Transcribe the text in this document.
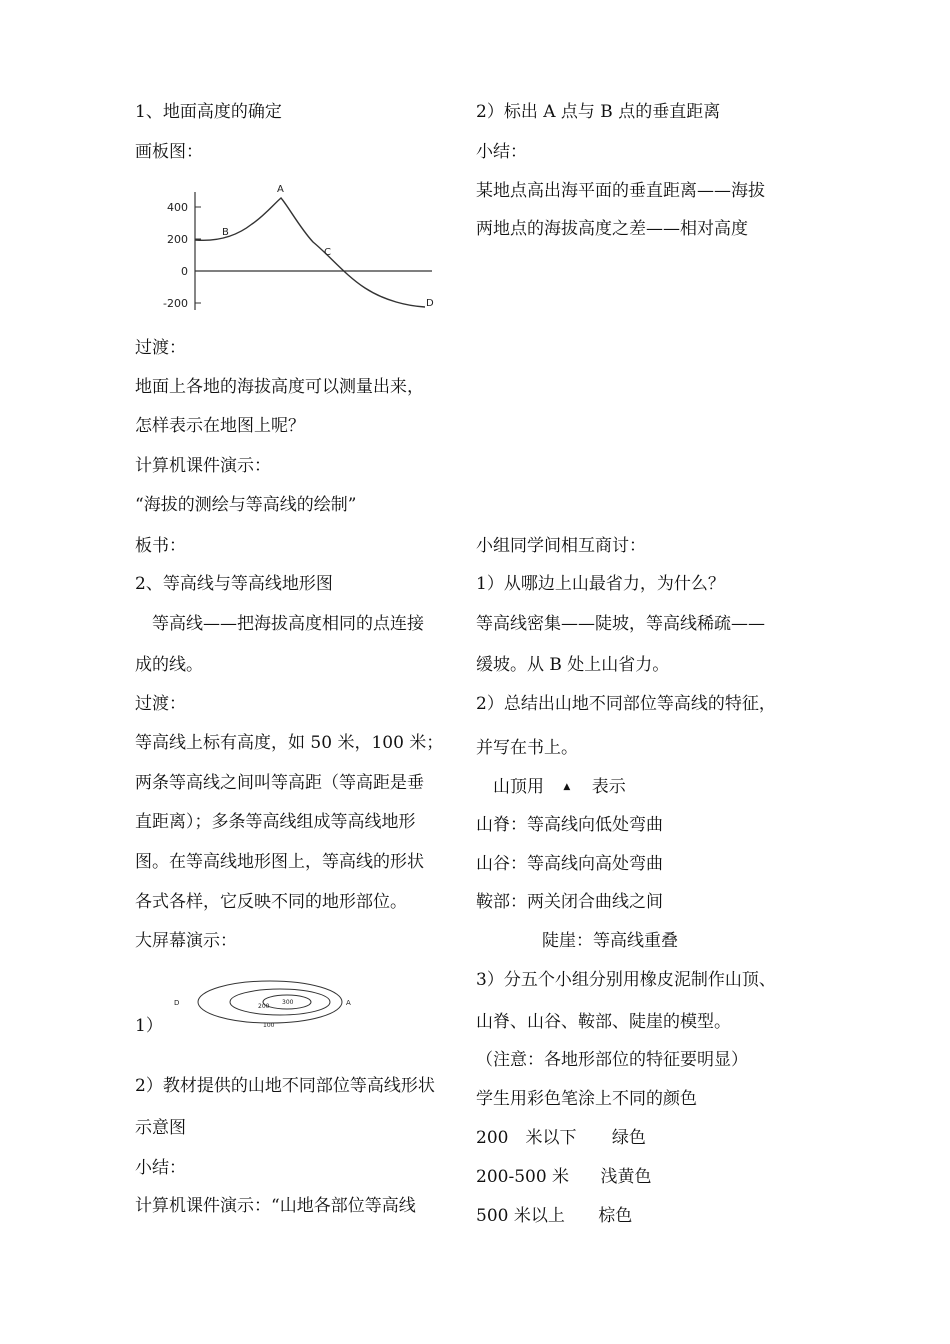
1、地面高度的确定
画板图：
400
200
0
-200
A
B
C
D
过渡：
地面上各地的海拔高度可以测量出来，
怎样表示在地图上呢？
计算机课件演示：
“海拔的测绘与等高线的绘制”
板书：
2、等高线与等高线地形图
　等高线——把海拔高度相同的点连接
成的线。
过渡：
等高线上标有高度，如 50 米，100 米；
两条等高线之间叫等高距（等高距是垂
直距离）；多条等高线组成等高线地形
图。在等高线地形图上，等高线的形状
各式各样，它反映不同的地形部位。
大屏幕演示：
D	A
100
200
300
1）
2）教材提供的山地不同部位等高线形状
示意图
小结：
计算机课件演示：“山地各部位等高线
2）标出 A 点与 B 点的垂直距离
小结：
某地点高出海平面的垂直距离——海拔
两地点的海拔高度之差——相对高度
小组同学间相互商讨：
1）从哪边上山最省力，为什么？
等高线密集——陡坡，等高线稀疏——
缓坡。从 B 处上山省力。
2）总结出山地不同部位等高线的特征，
并写在书上。
　山顶用 ▲ 表示
山脊：等高线向低处弯曲
山谷：等高线向高处弯曲
鞍部：两关闭合曲线之间
陡崖：等高线重叠
3）分五个小组分别用橡皮泥制作山顶、
山脊、山谷、鞍部、陡崖的模型。
（注意：各地形部位的特征要明显）
学生用彩色笔涂上不同的颜色
200　米以下 绿色
200-500 米 浅黄色
500 米以上 棕色
